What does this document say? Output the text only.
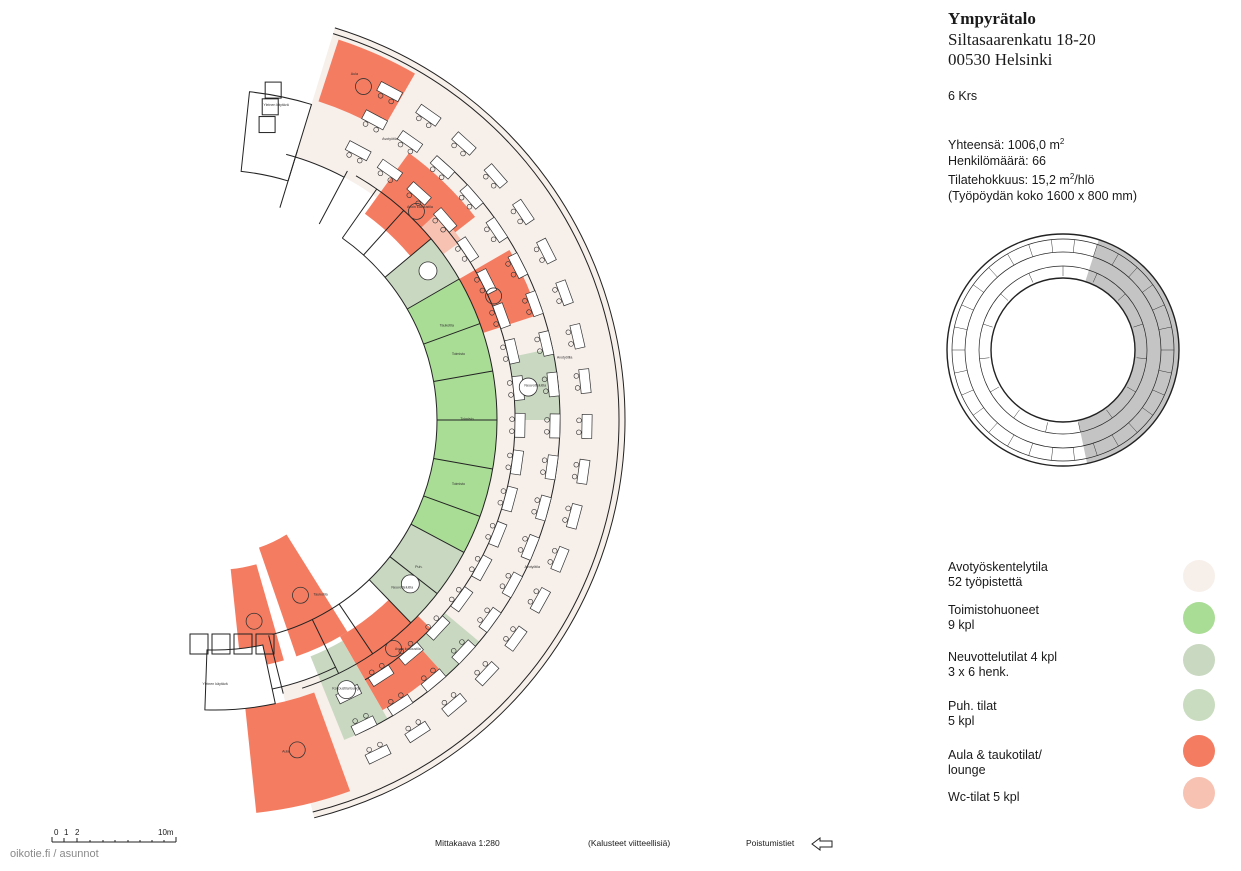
Aula
Avotyötila
Avoin kokoustila
Taukotila
Avotyötila
Neuvottelutila
Toimisto
Toimisto
Toimisto
Puh.
Neuvottelutila
Avotyötila
Taukotila
Avoin kokoustila
Kokoustila/lounge
Aula
Yleinen käytävä
Yleinen käytävä
Ympyrätalo
Siltasaarenkatu 18-20
00530 Helsinki
6 Krs
Yhteensä: 1006,0 $m^2$
Henkilömäärä: 66
Tilatehokkuus: 15,2 $m^2$/hlö
(Työpöydän koko 1600 x 800 mm)
Avotyöskentelytila
52 työpistettä
Toimistohuoneet
9 kpl
Neuvottelutilat 4 kpl
3 x 6 henk.
Puh. tilat
5 kpl
Aula & taukotilat/
lounge
Wc-tilat 5 kpl
0 1 2	10m
Mittakaava 1:280	(Kalusteet viitteellisiä)	Poistumistiet
oikotie.fi / asunnot
